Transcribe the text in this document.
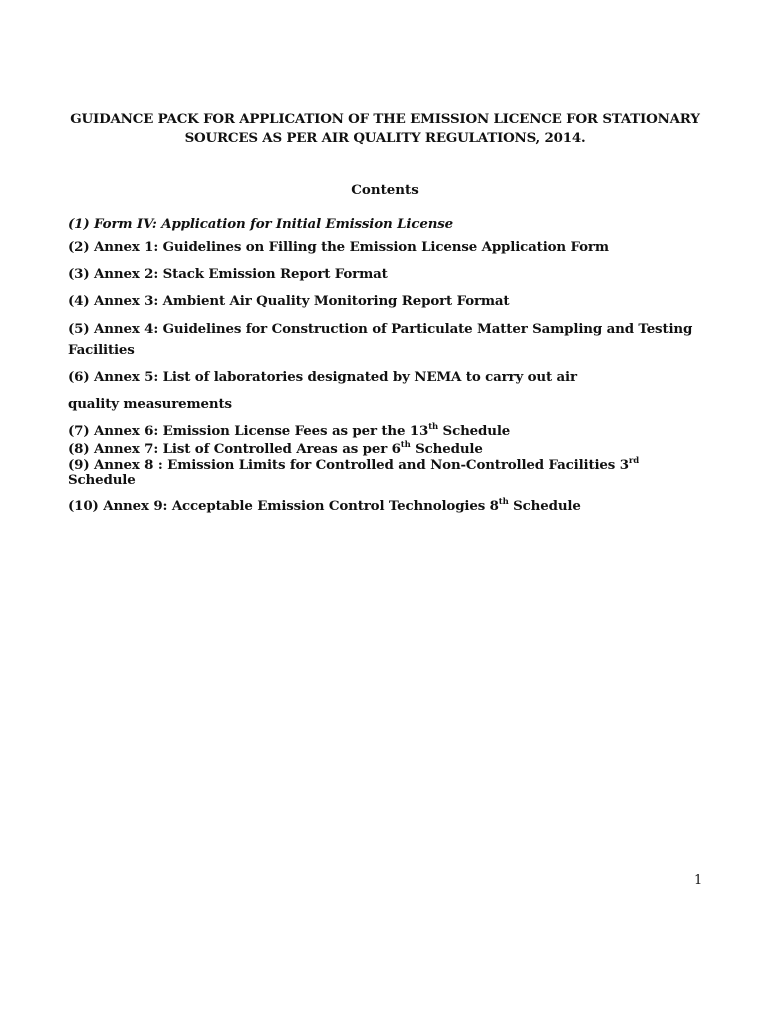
GUIDANCE PACK FOR APPLICATION OF THE EMISSION LICENCE FOR STATIONARY

SOURCES AS PER AIR QUALITY REGULATIONS, 2014.

Contents

(1) Form IV: Application for Initial Emission License

(2) Annex 1: Guidelines on Filling the Emission License Application Form

(3) Annex 2: Stack Emission Report Format

(4) Annex 3: Ambient Air Quality Monitoring Report Format

(5) Annex 4: Guidelines for Construction of Particulate Matter Sampling and Testing

Facilities

(6) Annex 5: List of laboratories designated by NEMA to carry out air

quality measurements

(7) Annex 6: Emission License Fees as per the 13th Schedule

(8) Annex 7: List of Controlled Areas as per 6th Schedule

(9) Annex 8 : Emission Limits for Controlled and Non-Controlled Facilities 3rd

Schedule

(10) Annex 9: Acceptable Emission Control Technologies 8th Schedule

1
